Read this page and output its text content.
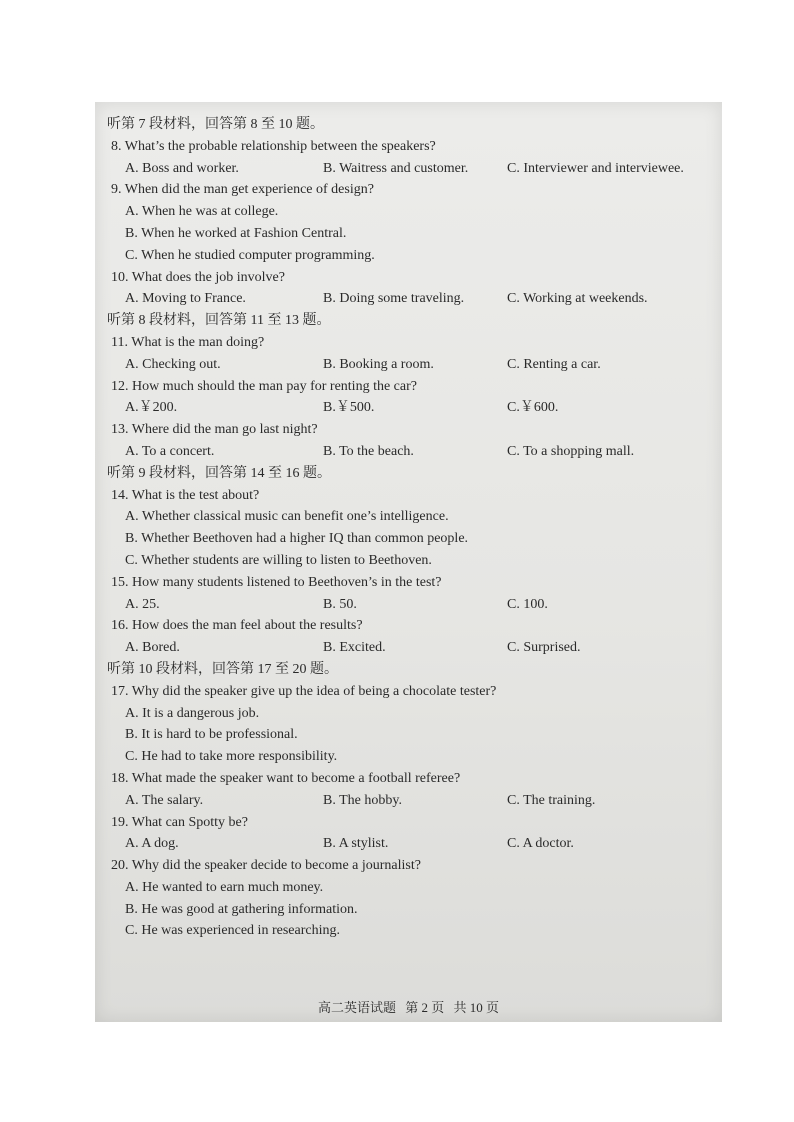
听第 7 段材料，回答第 8 至 10 题。
8. What’s the probable relationship between the speakers?
A. Boss and worker.	B. Waitress and customer.	C. Interviewer and interviewee.
9. When did the man get experience of design?
A. When he was at college.
B. When he worked at Fashion Central.
C. When he studied computer programming.
10. What does the job involve?
A. Moving to France.	B. Doing some traveling.	C. Working at weekends.
听第 8 段材料，回答第 11 至 13 题。
11. What is the man doing?
A. Checking out.	B. Booking a room.	C. Renting a car.
12. How much should the man pay for renting the car?
A.￥200.	B.￥500.	C.￥600.
13. Where did the man go last night?
A. To a concert.	B. To the beach.	C. To a shopping mall.
听第 9 段材料，回答第 14 至 16 题。
14. What is the test about?
A. Whether classical music can benefit one’s intelligence.
B. Whether Beethoven had a higher IQ than common people.
C. Whether students are willing to listen to Beethoven.
15. How many students listened to Beethoven’s in the test?
A. 25.	B. 50.	C. 100.
16. How does the man feel about the results?
A. Bored.	B. Excited.	C. Surprised.
听第 10 段材料，回答第 17 至 20 题。
17. Why did the speaker give up the idea of being a chocolate tester?
A. It is a dangerous job.
B. It is hard to be professional.
C. He had to take more responsibility.
18. What made the speaker want to become a football referee?
A. The salary.	B. The hobby.	C. The training.
19. What can Spotty be?
A. A dog.	B. A stylist.	C. A doctor.
20. Why did the speaker decide to become a journalist?
A. He wanted to earn much money.
B. He was good at gathering information.
C. He was experienced in researching.
高二英语试题 第 2 页 共 10 页
